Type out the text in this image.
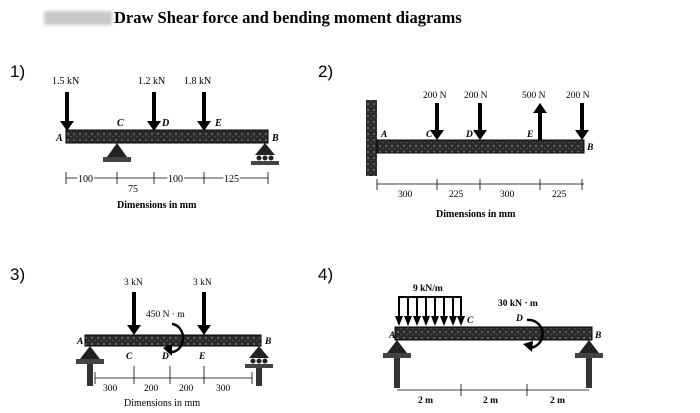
Draw Shear force and bending moment diagrams
1)	2)
3)	4)
1.5 kN	1.2 kN 1.8 kN
A
C	D	E
B
100
75
100	125
Dimensions in mm
200 N 200 N	500 N 200 N
A	C	D	E
B
300	225	300	225
Dimensions in mm
3 kN	3 kN
450 N · m
A
C	D	E
B
300	200 200 300
Dimensions in mm
9 kN/m
30 kN · m
A
C	D
B
2 m	2 m	2 m
